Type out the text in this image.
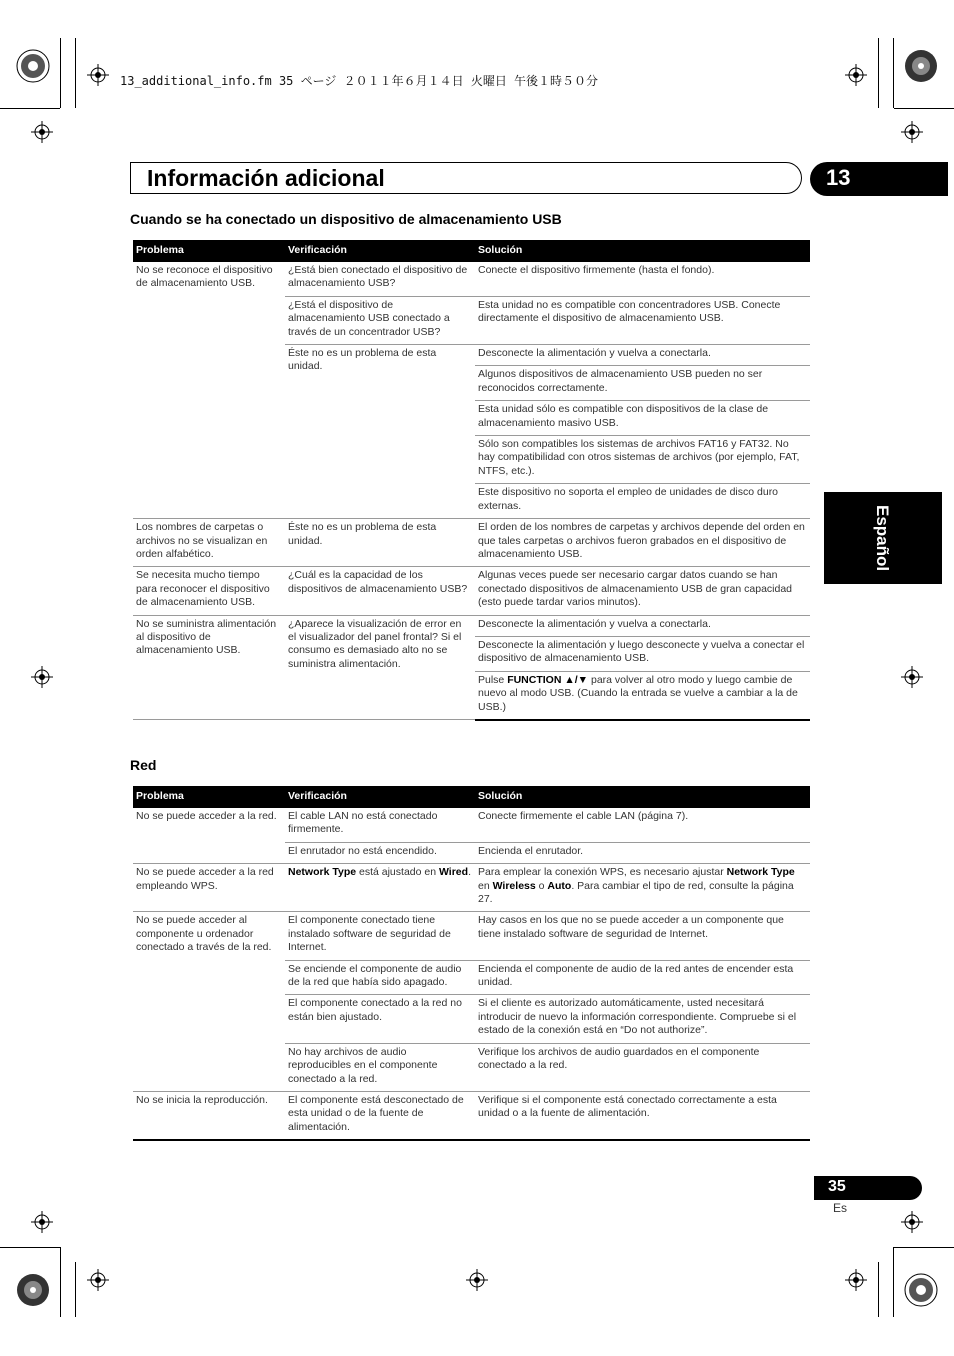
13_additional_info.fm 35 ページ ２０１１年６月１４日 火曜日 午後１時５０分
Información adicional	13
Español
Cuando se ha conectado un dispositivo de almacenamiento USB
Problema	Verificación	Solución
No se reconoce el dispositivo de almacenamiento USB.	¿Está bien conectado el dispositivo de almacenamiento USB?	Conecte el dispositivo firmemente (hasta el fondo).
	¿Está el dispositivo de almacenamiento USB conectado a través de un concentrador USB?	Esta unidad no es compatible con concentradores USB. Conecte directamente el dispositivo de almacenamiento USB.
	Éste no es un problema de esta unidad.	Desconecte la alimentación y vuelva a conectarla.
		Algunos dispositivos de almacenamiento USB pueden no ser reconocidos correctamente.
		Esta unidad sólo es compatible con dispositivos de la clase de almacenamiento masivo USB.
		Sólo son compatibles los sistemas de archivos FAT16 y FAT32. No hay compatibilidad con otros sistemas de archivos (por ejemplo, FAT, NTFS, etc.).
		Este dispositivo no soporta el empleo de unidades de disco duro externas.
Los nombres de carpetas o archivos no se visualizan en orden alfabético.	Éste no es un problema de esta unidad.	El orden de los nombres de carpetas y archivos depende del orden en que tales carpetas o archivos fueron grabados en el dispositivo de almacenamiento USB.
Se necesita mucho tiempo para reconocer el dispositivo de almacenamiento USB.	¿Cuál es la capacidad de los dispositivos de almacenamiento USB?	Algunas veces puede ser necesario cargar datos cuando se han conectado dispositivos de almacenamiento USB de gran capacidad (esto puede tardar varios minutos).
No se suministra alimentación al dispositivo de almacenamiento USB.	¿Aparece la visualización de error en el visualizador del panel frontal? Si el consumo es demasiado alto no se suministra alimentación.	Desconecte la alimentación y vuelva a conectarla.
		Desconecte la alimentación y luego desconecte y vuelva a conectar el dispositivo de almacenamiento USB.
		Pulse FUNCTION ▲/▼ para volver al otro modo y luego cambie de nuevo al modo USB. (Cuando la entrada se vuelve a cambiar a la de USB.)
Red
Problema	Verificación	Solución
No se puede acceder a la red.	El cable LAN no está conectado firmemente.	Conecte firmemente el cable LAN (página 7).
	El enrutador no está encendido.	Encienda el enrutador.
No se puede acceder a la red empleando WPS.	Network Type está ajustado en Wired.	Para emplear la conexión WPS, es necesario ajustar Network Type en Wireless o Auto. Para cambiar el tipo de red, consulte la página 27.
No se puede acceder al componente u ordenador conectado a través de la red.	El componente conectado tiene instalado software de seguridad de Internet.	Hay casos en los que no se puede acceder a un componente que tiene instalado software de seguridad de Internet.
	Se enciende el componente de audio de la red que había sido apagado.	Encienda el componente de audio de la red antes de encender esta unidad.
	El componente conectado a la red no están bien ajustado.	Si el cliente es autorizado automáticamente, usted necesitará introducir de nuevo la información correspondiente. Compruebe si el estado de la conexión está en “Do not authorize”.
	No hay archivos de audio reproducibles en el componente conectado a la red.	Verifique los archivos de audio guardados en el componente conectado a la red.
No se inicia la reproducción.	El componente está desconectado de esta unidad o de la fuente de alimentación.	Verifique si el componente está conectado correctamente a esta unidad o a la fuente de alimentación.
35
Es
